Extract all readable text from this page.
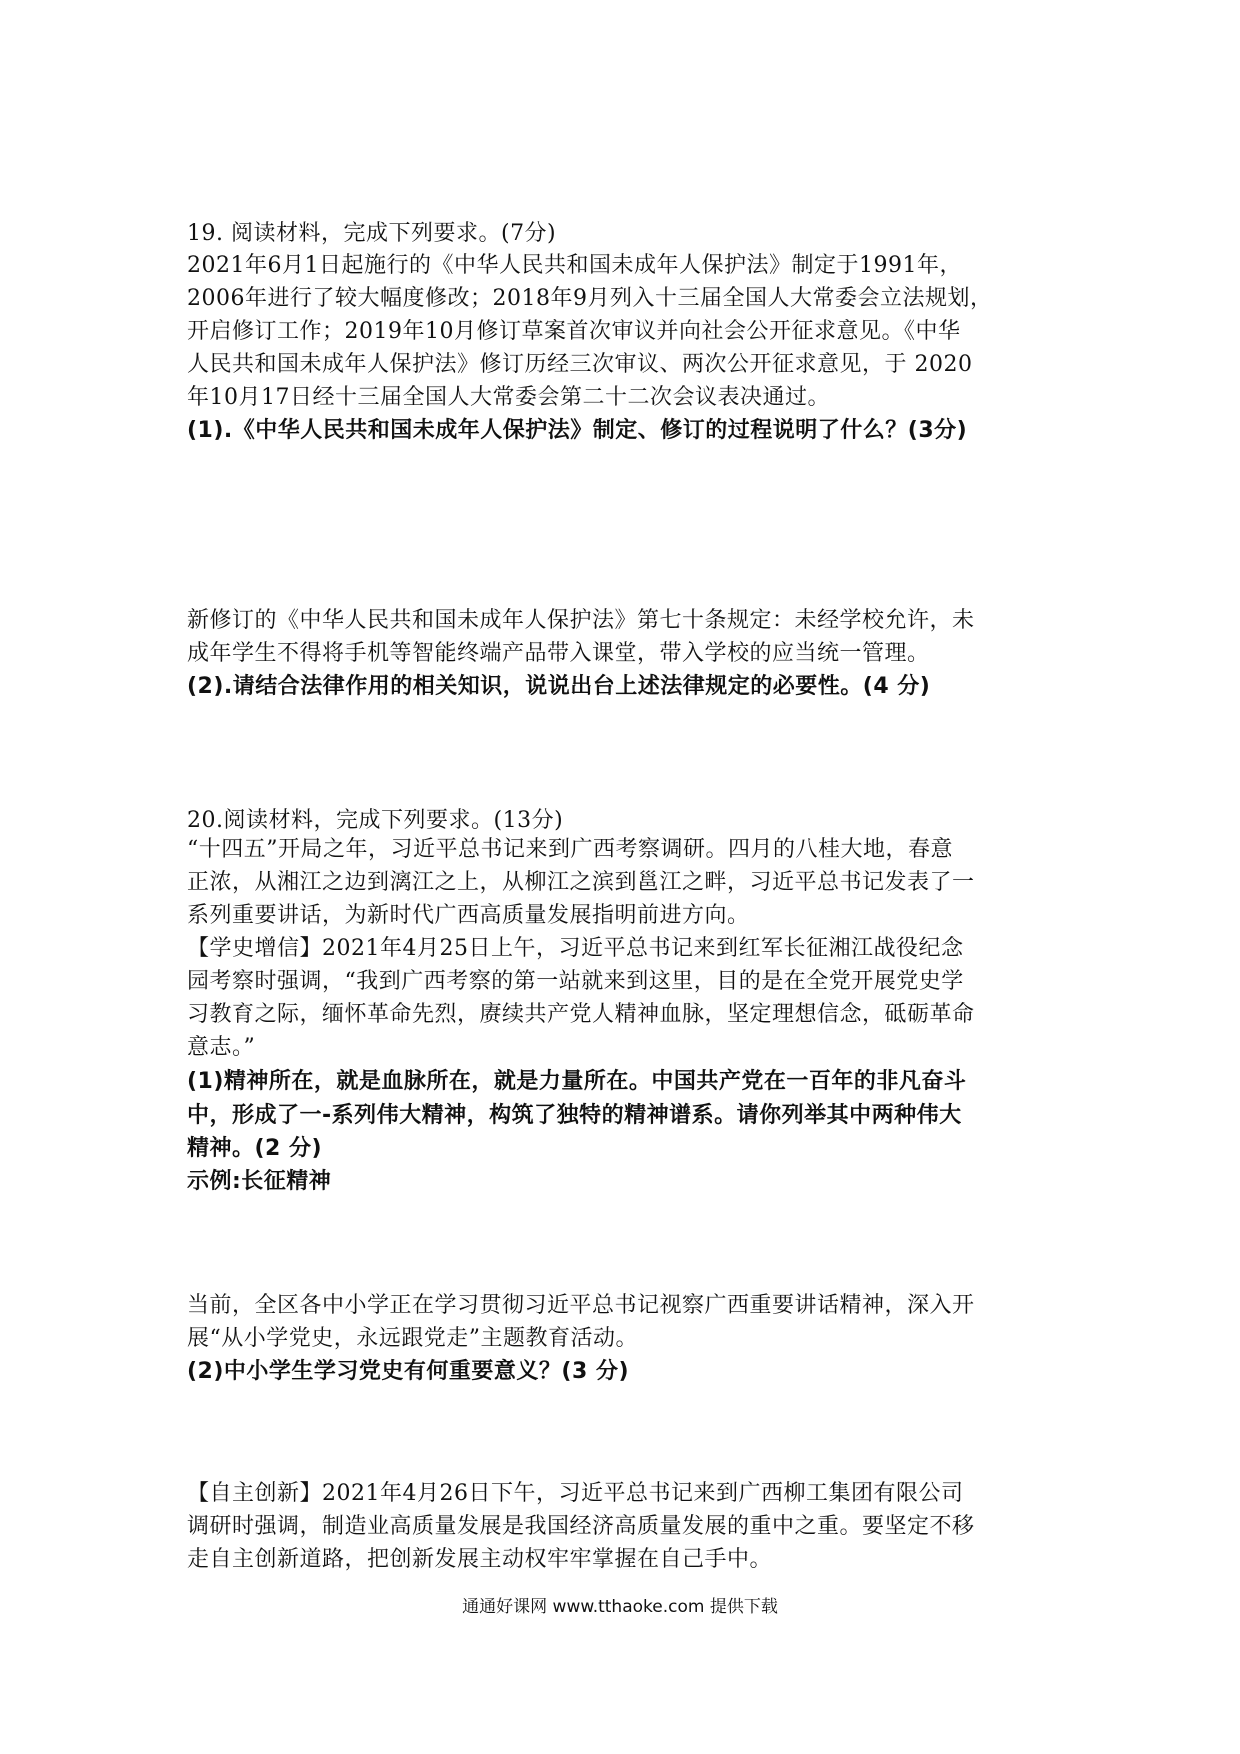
19. 阅读材料，完成下列要求。(7分)
2021年6月1日起施行的《中华人民共和国未成年人保护法》制定于1991年，
2006年进行了较大幅度修改；2018年9月列入十三届全国人大常委会立法规划，
开启修订工作；2019年10月修订草案首次审议并向社会公开征求意见。《中华
人民共和国未成年人保护法》修订历经三次审议、两次公开征求意见，于 2020
年10月17日经十三届全国人大常委会第二十二次会议表决通过。
(1).《中华人民共和国未成年人保护法》制定、修订的过程说明了什么？(3分)
新修订的《中华人民共和国未成年人保护法》第七十条规定：未经学校允许，未
成年学生不得将手机等智能终端产品带入课堂，带入学校的应当统一管理。
(2).请结合法律作用的相关知识，说说出台上述法律规定的必要性。(4 分)
20.阅读材料，完成下列要求。(13分)
“十四五”开局之年，习近平总书记来到广西考察调研。四月的八桂大地，春意
正浓，从湘江之边到漓江之上，从柳江之滨到邕江之畔，习近平总书记发表了一
系列重要讲话，为新时代广西高质量发展指明前进方向。
【学史增信】2021年4月25日上午，习近平总书记来到红军长征湘江战役纪念
园考察时强调，“我到广西考察的第一站就来到这里，目的是在全党开展党史学
习教育之际，缅怀革命先烈，赓续共产党人精神血脉，坚定理想信念，砥砺革命
意志。”
(1)精神所在，就是血脉所在，就是力量所在。中国共产党在一百年的非凡奋斗
中，形成了一-系列伟大精神，构筑了独特的精神谱系。请你列举其中两种伟大
精神。(2 分)
示例:长征精神
当前，全区各中小学正在学习贯彻习近平总书记视察广西重要讲话精神，深入开
展“从小学党史，永远跟党走”主题教育活动。
(2)中小学生学习党史有何重要意义？(3 分)
【自主创新】2021年4月26日下午，习近平总书记来到广西柳工集团有限公司
调研时强调，制造业高质量发展是我国经济高质量发展的重中之重。要坚定不移
走自主创新道路，把创新发展主动权牢牢掌握在自己手中。
通通好课网 www.tthaoke.com 提供下载
